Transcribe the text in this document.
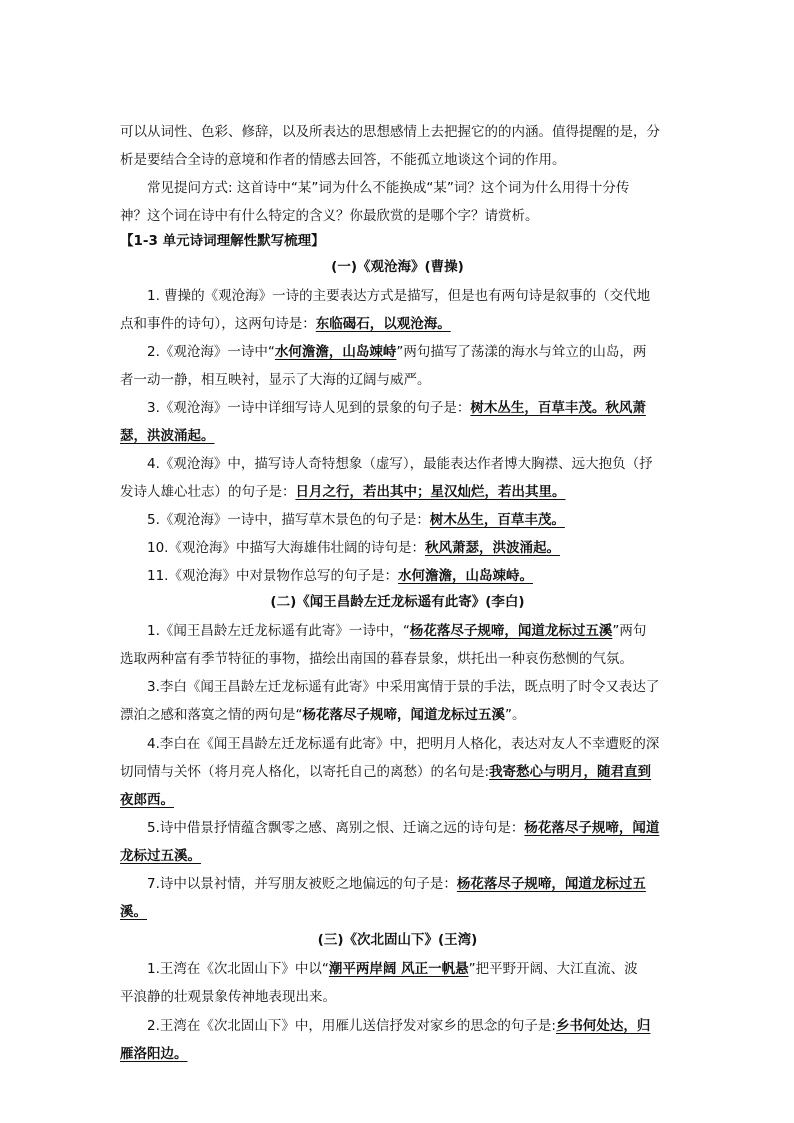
可以从词性、色彩、修辞，以及所表达的思想感情上去把握它的的内涵。值得提醒的是，分
析是要结合全诗的意境和作者的情感去回答，不能孤立地谈这个词的作用。
常见提问方式: 这首诗中“某”词为什么不能换成“某”词？这个词为什么用得十分传
神？这个词在诗中有什么特定的含义？你最欣赏的是哪个字？请赏析。
【1-3 单元诗词理解性默写梳理】
(一)《观沧海》(曹操)
1. 曹操的《观沧海》一诗的主要表达方式是描写，但是也有两句诗是叙事的（交代地
点和事件的诗句），这两句诗是：东临碣石，以观沧海。
2.《观沧海》一诗中“水何澹澹，山岛竦峙”两句描写了荡漾的海水与耸立的山岛，两
者一动一静，相互映衬，显示了大海的辽阔与威严。
3.《观沧海》一诗中详细写诗人见到的景象的句子是：树木丛生，百草丰茂。秋风萧
瑟，洪波涌起。
4.《观沧海》中，描写诗人奇特想象（虚写），最能表达作者博大胸襟、远大抱负（抒
发诗人雄心壮志）的句子是：日月之行，若出其中；星汉灿烂，若出其里。
5.《观沧海》一诗中，描写草木景色的句子是：树木丛生，百草丰茂。
10.《观沧海》中描写大海雄伟壮阔的诗句是：秋风萧瑟，洪波涌起。
11.《观沧海》中对景物作总写的句子是：水何澹澹，山岛竦峙。
(二)《闻王昌龄左迁龙标遥有此寄》(李白)
1.《闻王昌龄左迁龙标遥有此寄》一诗中，“杨花落尽子规啼，闻道龙标过五溪”两句
选取两种富有季节特征的事物，描绘出南国的暮春景象，烘托出一种哀伤愁恻的气氛。
3.李白《闻王昌龄左迁龙标遥有此寄》中采用寓情于景的手法，既点明了时令又表达了
漂泊之感和落寞之情的两句是“杨花落尽子规啼，闻道龙标过五溪”。
4.李白在《闻王昌龄左迁龙标遥有此寄》中，把明月人格化，表达对友人不幸遭贬的深
切同情与关怀（将月亮人格化，以寄托自己的离愁）的名句是:我寄愁心与明月，随君直到
夜郎西。
5.诗中借景抒情蕴含飘零之感、离别之恨、迁谪之远的诗句是：杨花落尽子规啼，闻道
龙标过五溪。
7.诗中以景衬情，并写朋友被贬之地偏远的句子是：杨花落尽子规啼，闻道龙标过五
溪。
(三)《次北固山下》(王湾)
1.王湾在《次北固山下》中以“潮平两岸阔 风正一帆悬”把平野开阔、大江直流、波
平浪静的壮观景象传神地表现出来。
2.王湾在《次北固山下》中，用雁儿送信抒发对家乡的思念的句子是:乡书何处达，归
雁洛阳边。
